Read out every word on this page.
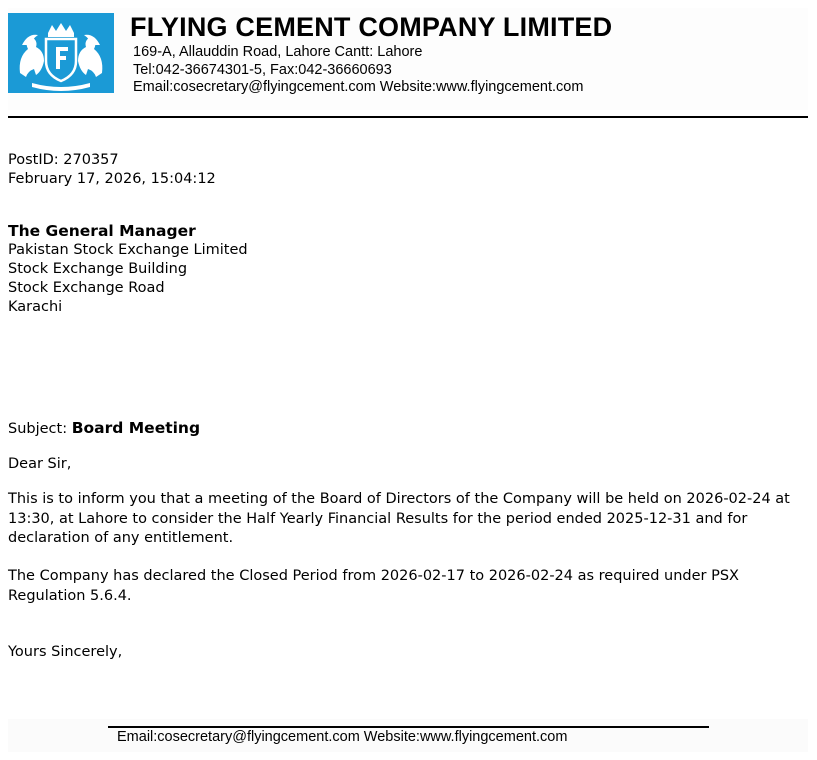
FLYING CEMENT COMPANY LIMITED
169-A, Allauddin Road, Lahore Cantt: Lahore
Tel:042-36674301-5, Fax:042-36660693
Email:cosecretary@flyingcement.com Website:www.flyingcement.com
PostID: 270357
February 17, 2026, 15:04:12
The General Manager
Pakistan Stock Exchange Limited
Stock Exchange Building
Stock Exchange Road
Karachi
Subject: Board Meeting
Dear Sir,
This is to inform you that a meeting of the Board of Directors of the Company will be held on 2026-02-24 at 13:30, at Lahore to consider the Half Yearly Financial Results for the period ended 2025-12-31 and for declaration of any entitlement.
The Company has declared the Closed Period from 2026-02-17 to 2026-02-24 as required under PSX Regulation 5.6.4.
Yours Sincerely,
Email:cosecretary@flyingcement.com Website:www.flyingcement.com
